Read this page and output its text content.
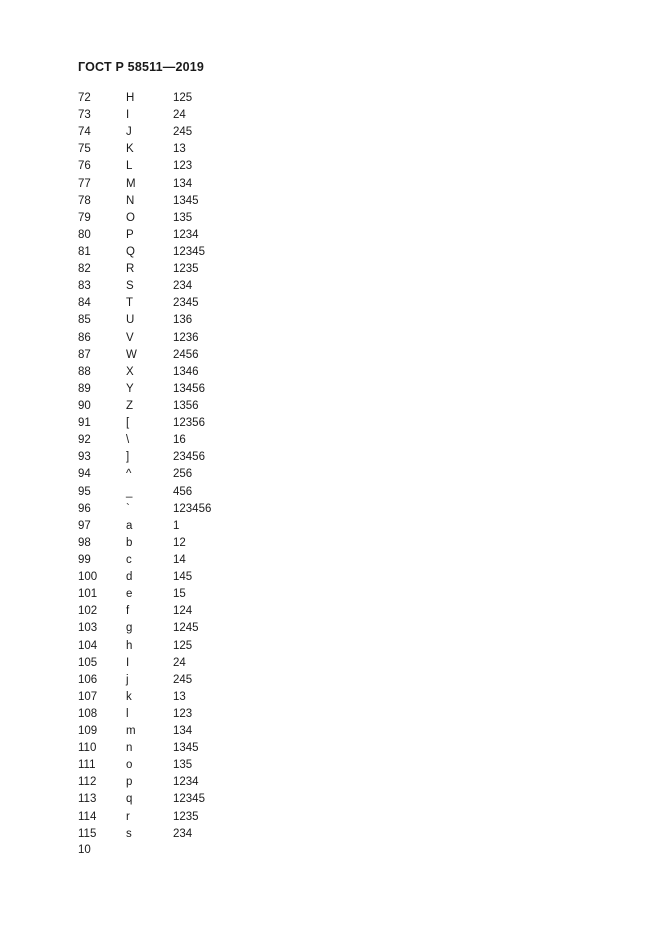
ГОСТ Р 58511—2019
72	H	125
73	I	24
74	J	245
75	K	13
76	L	123
77	M	134
78	N	1345
79	O	135
80	P	1234
81	Q	12345
82	R	1235
83	S	234
84	T	2345
85	U	136
86	V	1236
87	W	2456
88	X	1346
89	Y	13456
90	Z	1356
91	[	12356
92	\	16
93	]	23456
94	^	256
95	_	456
96	`	123456
97	a	1
98	b	12
99	c	14
100	d	145
101	e	15
102	f	124
103	g	1245
104	h	125
105	I	24
106	j	245
107	k	13
108	l	123
109	m	134
110	n	1345
111	o	135
112	p	1234
113	q	12345
114	r	1235
115	s	234
10
